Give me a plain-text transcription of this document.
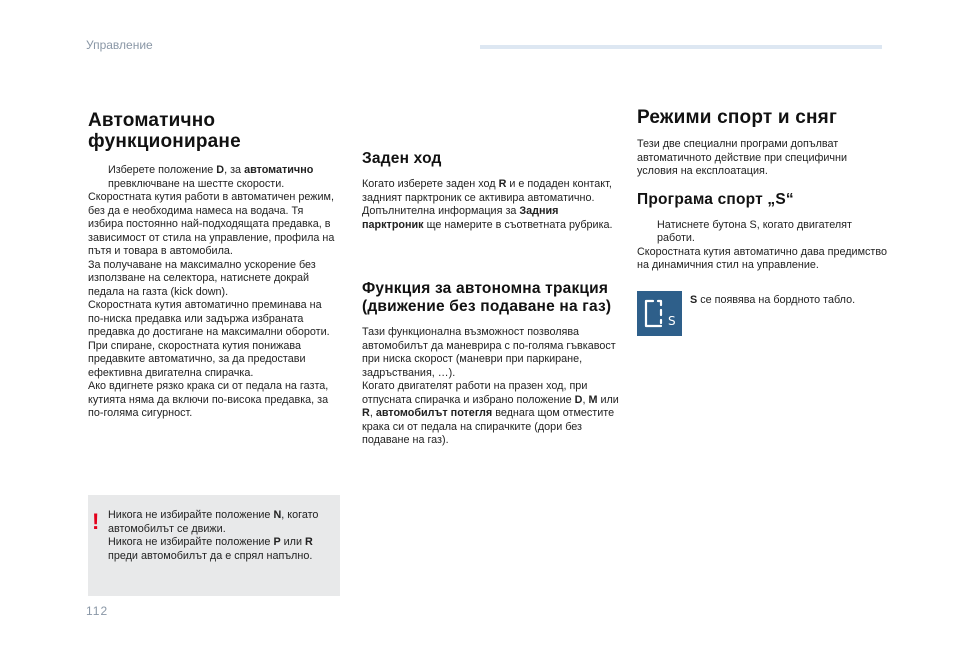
Управление
Автоматично функциониране
Изберете положение D, за автоматично превключване на шестте скорости.
Скоростната кутия работи в автоматичен режим, без да е необходима намеса на водача. Тя избира постоянно най-подходящата предавка, в зависимост от стила на управление, профила на пътя и товара в автомобила.
За получаване на максимално ускорение без използване на селектора, натиснете докрай педала на газта (kick down).
Скоростната кутия автоматично преминава на по-ниска предавка или задържа избраната предавка до достигане на максимални обороти.
При спиране, скоростната кутия понижава предавките автоматично, за да предостави ефективна двигателна спирачка.
Ако вдигнете рязко крака си от педала на газта, кутията няма да включи по-висока предавка, за по-голяма сигурност.
! Никога не избирайте положение N, когато автомобилът се движи.
Никога не избирайте положение P или R преди автомобилът да е спрял напълно.
Заден ход
Когато изберете заден ход R и е подаден контакт, задният парктроник се активира автоматично.
Допълнителна информация за Задния парктроник ще намерите в съответната рубрика.
Функция за автономна тракция (движение без подаване на газ)
Тази функционална възможност позволява автомобилът да маневрира с по-голяма гъвкавост при ниска скорост (маневри при паркиране, задръствания, …).
Когато двигателят работи на празен ход, при отпусната спирачка и избрано положение D, M или R, автомобилът потегля веднага щом отместите крака си от педала на спирачките (дори без подаване на газ).
Режими спорт и сняг
Тези две специални програми допълват автоматичното действие при специфични условия на експлоатация.
Програма спорт „S“
Натиснете бутона S, когато двигателят работи.
Скоростната кутия автоматично дава предимство на динамичния стил на управление.
S
S се появява на бордното табло.
112
